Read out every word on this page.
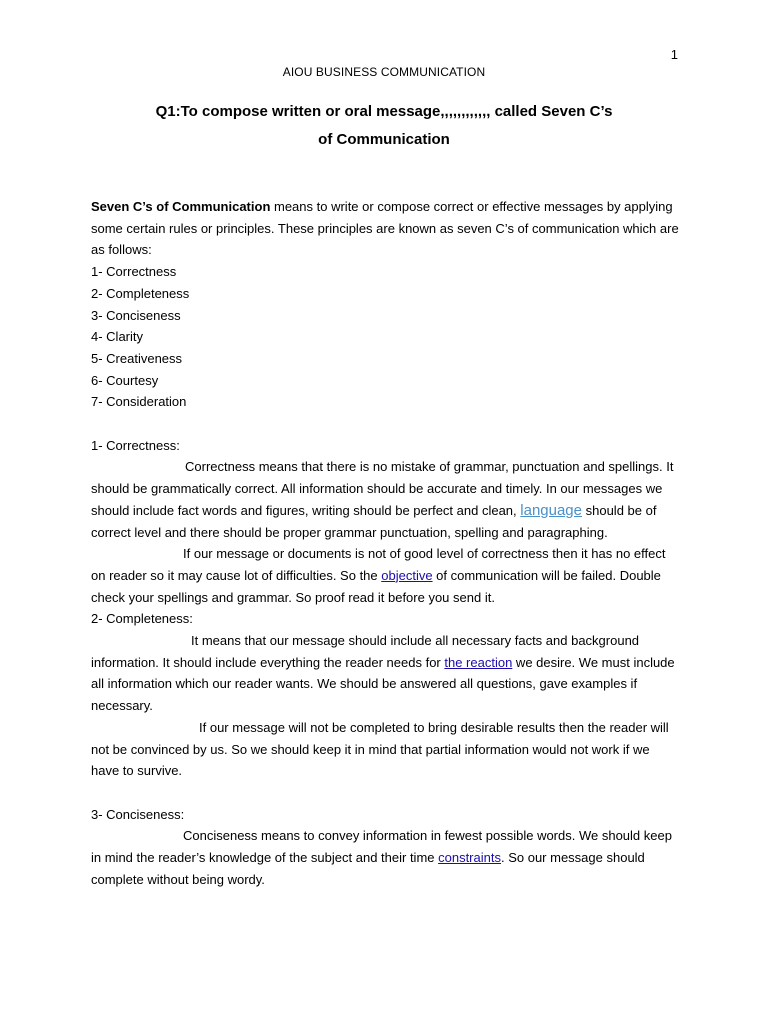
1
AIOU BUSINESS COMMUNICATION
Q1:To compose written or oral message,,,,,,,,,,,, called Seven C’s
of Communication

Seven C’s of Communication means to write or compose correct or effective messages by applying some certain rules or principles. These principles are known as seven C’s of communication which are as follows:

1- Correctness

2- Completeness

3- Conciseness

4- Clarity

5- Creativeness

6- Courtesy

7- Consideration

1- Correctness:

Correctness means that there is no mistake of grammar, punctuation and spellings. It should be grammatically correct. All information should be accurate and timely. In our messages we should include fact words and figures, writing should be perfect and clean, language should be of correct level and there should be proper grammar punctuation, spelling and paragraphing.

If our message or documents is not of good level of correctness then it has no effect on reader so it may cause lot of difficulties. So the objective of communication will be failed. Double check your spellings and grammar. So proof read it before you send it.

2- Completeness:

It means that our message should include all necessary facts and background information. It should include everything the reader needs for the reaction we desire. We must include all information which our reader wants. We should be answered all questions, gave examples if necessary.

If our message will not be completed to bring desirable results then the reader will not be convinced by us. So we should keep it in mind that partial information would not work if we have to survive.

3- Conciseness:

Conciseness means to convey information in fewest possible words. We should keep in mind the reader’s knowledge of the subject and their time constraints. So our message should complete without being wordy.
